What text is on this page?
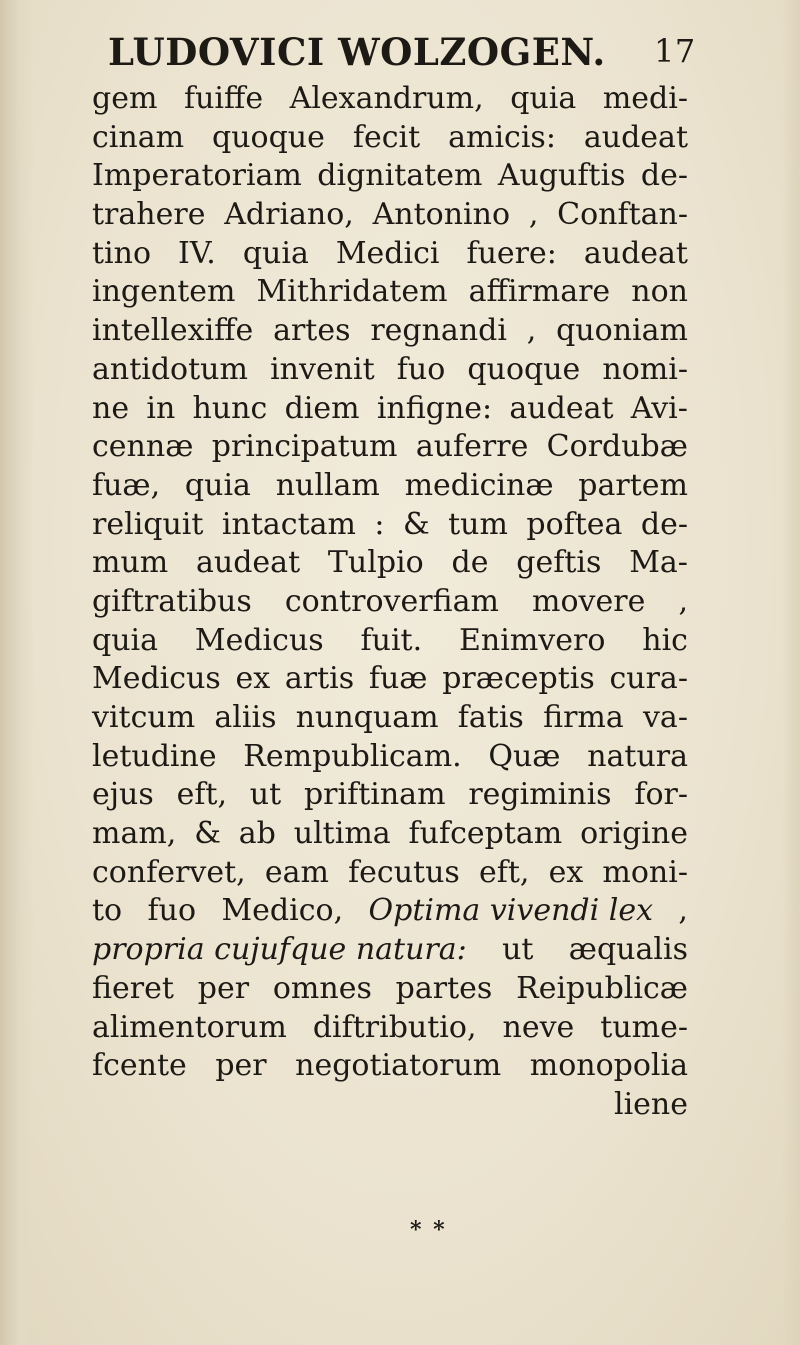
LUDOVICI WOLZOGEN. 17
gem fuiffe Alexandrum, quia medi-
cinam quoque fecit amicis: audeat
Imperatoriam dignitatem Auguftis de-
trahere Adriano, Antonino , Conftan-
tino IV. quia Medici fuere: audeat
ingentem Mithridatem affirmare non
intellexiffe artes regnandi , quoniam
antidotum invenit fuo quoque nomi-
ne in hunc diem infigne: audeat Avi-
cennæ principatum auferre Cordubæ
fuæ, quia nullam medicinæ partem
reliquit intactam : & tum poftea de-
mum audeat Tulpio de geftis Ma-
giftratibus controverfiam movere ,
quia Medicus fuit. Enimvero hic
Medicus ex artis fuæ præceptis cura-
vitcum aliis nunquam fatis firma va-
letudine Rempublicam. Quæ natura
ejus eft, ut priftinam regiminis for-
mam, & ab ultima fufceptam origine
confervet, eam fecutus eft, ex moni-
to fuo Medico, Optima vivendi lex ,
propria cujufque natura: ut æqualis
fieret per omnes partes Reipublicæ
alimentorum diftributio, neve tume-
fcente per negotiatorum monopolia
liene
* *
